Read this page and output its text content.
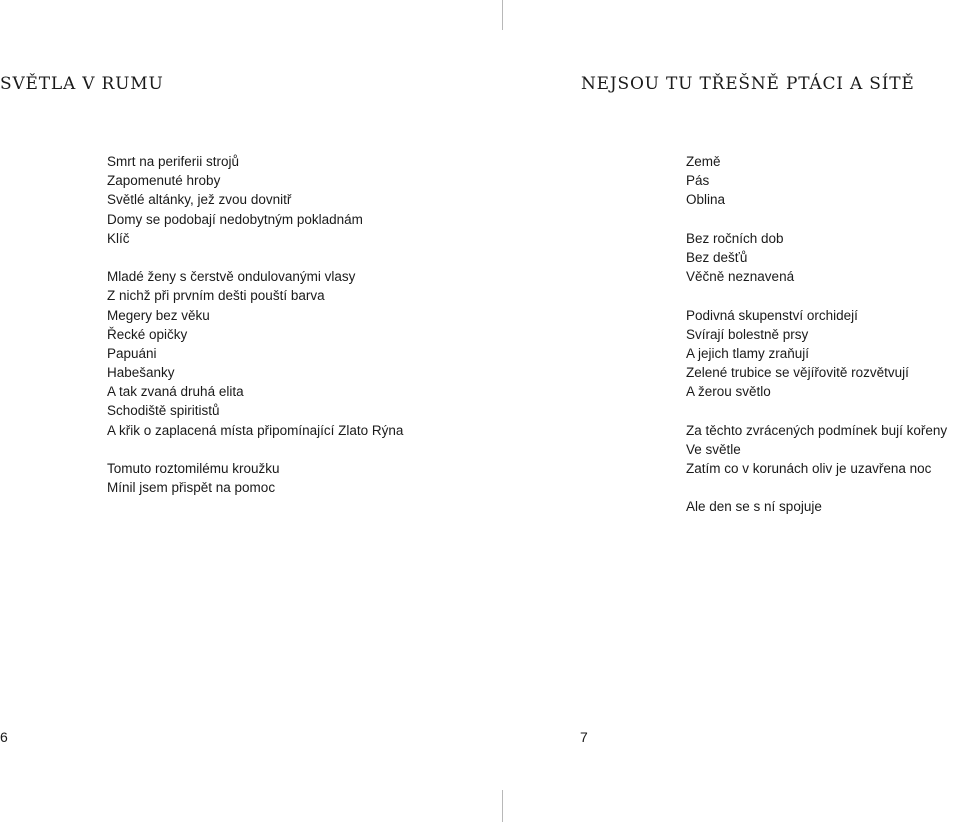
SVĚTLA V RUMU
Smrt na periferii strojů
Zapomenuté hroby
Světlé altánky, jež zvou dovnitř
Domy se podobají nedobytným pokladnám
Klíč
Mladé ženy s čerstvě ondulovanými vlasy
Z nichž při prvním dešti pouští barva
Megery bez věku
Řecké opičky
Papuáni
Habešanky
A tak zvaná druhá elita
Schodiště spiritistů
A křik o zaplacená místa připomínající Zlato Rýna
Tomuto roztomilému kroužku
Mínil jsem přispět na pomoc
6
NEJSOU TU TŘEŠNĚ PTÁCI A SÍTĚ
Země
Pás
Oblina
Bez ročních dob
Bez dešťů
Věčně neznavená
Podivná skupenství orchidejí
Svírají bolestně prsy
A jejich tlamy zraňují
Zelené trubice se vějířovitě rozvětvují
A žerou světlo
Za těchto zvrácených podmínek bují kořeny
Ve světle
Zatím co v korunách oliv je uzavřena noc
Ale den se s ní spojuje
7
